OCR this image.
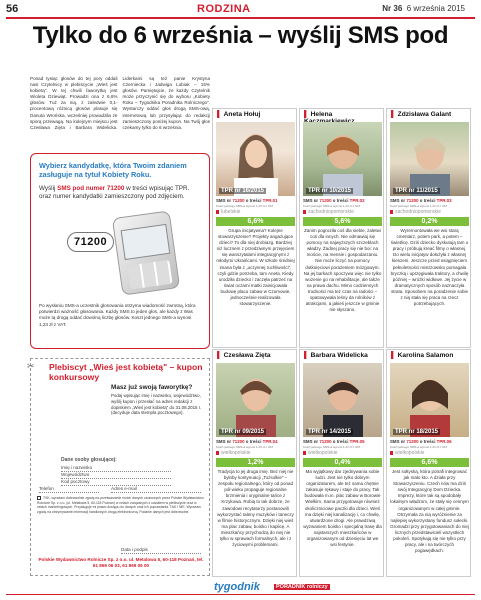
56	RODZINA	Nr 36 6 września 2015
Tylko do 6 września – wyślij SMS pod
Ponad tysiąc głosów do tej pory oddali nasi Czytelnicy w plebiscycie „Wieś jest kobietą". W tej chwili faworytką jest Wioleta Dziewiąt. Prowadzi ona z 6,6% głosów. Tuż za nią, z zaledwie 0,1-procentową różnicą głosów plasuje się Danuta Wrońska, wcześniej prowadziła ze sporą przewagą. Na kolejnym miejscu jest Czesława Zięta i Barbara Widelicka. Liderkami są też panie Krystyna Czerniecka i Jadwiga Lubiak – 15% głosów. Pamiętajcie, że każdy Czytelnik może przyczynić się do wyboru „Kobiety Roku – Tygodnika Poradnika Rolniczego". Wystarczy oddać głos drogą SMS-ową, internetową lub przysyłając do redakcji zamieszczony poniżej kupon. Na Twój głos czekamy tylko do 6 września.
Wybierz kandydatkę, która Twoim zdaniem zasługuje na tytuł Kobiety Roku.
Wyślij SMS pod numer 71200 w treści wpisując TPR. oraz numer kandydatki zamieszczony pod zdjęciem.
71200
Po wysłaniu SMS-a uczestnik głosowania otrzyma wiadomość zwrotną, która potwierdzi ważność głosowania. Każdy SMS to jeden głos, ale każdy z Was może tą drogą oddać dowolną liczbę głosów. Koszt jednego SMS-a wynosi 1,23 zł z VAT.
✂ Plebiscyt „Wieś jest kobietą" – kupon konkursowy
Masz już swoją faworytkę?
Podaj wpisując imię i nazwisko, województwo, wyślij kupon i przesłać na adres redakcji z dopiskiem „Wieś jest kobietą" do 31.08.2015 r. (decyduje data stempla pocztowego).
Dane osoby głosującej:
Imię i nazwisko
Województwo
Kod pocztowy
Telefon	Adres e-mail
TSK, wyrażam dobrowolnie zgodę na przetwarzanie moich danych osobowych przez Polskie Wydawnictwo Rolnicze Sp. z o.o. (ul. Metalowa 5, 60-118 Poznań) w celach związanych z udziałem w plebiscycie oraz w celach marketingowych. Przysługuje mi prawo dostępu do danych oraz ich poprawiania. TAK / NIE. Wyrażam zgodę na otrzymywanie informacji handlowych drogą elektroniczną. Podanie danych jest dobrowolne.
Data i podpis
Polskie Wydawnictwo Rolnicze Sp. z o.o. ul. Metalowa 5, 60-118 Poznań, tel. 61 869 06 03, 61 869 06 00
▌ Aneta Hołuj
TPR nr 16/2015
SMS nr 71200 o treści TPR.01
Koszt jednego SMS-a wynosi 1,23 zł z VAT
lubelskie
6,6%
Grupa inicjatywna? Kolejne stowarzyszenie? Projekty angażujące dzieci? To dla niej drobiazg. Bardziej niż lucznem z przedziwnym przejęciem się wanszytalami integracyjnymi z młodymi Ukraińcami. W szkole średniej imana była z „uczynnej ruchliwości", czyli gdzie potrzeba, tam Aneta. Kiedy urodziła dziecko i zaczęła patrzeć na świat oczami matki zainicjowała budowę placu zabaw w Czumowie, jednocześnie realizowała stowarzyszenie.
▌ Helena
TPR nr 10/2015
SMS nr 71200 o treści TPR.02
Koszt jednego SMS-a wynosi 1,23 zł z VAT
zachodniopomorskie
5,6%
Zanim pogroziła coś dla siebie, zaletwi coś dla innych. Nie odmawiaj się pomocy na najwyższych szczeblach władzy. Żadnej pracy się nie boi: na moście, na mensie i gospodarzaniu. Nie może liczyć na pomocy dotknięciowi porażeniem mózgowym. Na jej barkach spoczywa więc nie tylko wożenie go na rehabilitacje, ale także na prawa dachu. Mimo codziennych trudności ma też czas na radości – opatowywała leśny da rolników z atrakcjami, a jakieś jeszcze w gminie nie słyszano.
▌ Zdzisława Galant
TPR nr 11/2015
SMS nr 71200 o treści TPR.03
Koszt jednego SMS-a wynosi 1,23 zł z VAT
zachodniopomorskie
0,2%
Wyremontowała we wsi starą cmentarz, potem park, a potem – świetlicę. Dziś dziecko dyskutują tam o pracy i próbują kreać filmy o własnej. Do wielu inicjatyw dołożyła z własnej kieszeni. Jeszcze przed osiągnięciem pełnoletności mistrzowsko pomagała bryczką i uprzęgiwała traktory, a chwilę później – wróżki widłowe. Jej życie w dramatycznych sposób naznaczyła strata. Sposobem na poradzenie sobie z nią stała się praca na rzecz potrzebujących.
▌ Czesława Zięta
TPR nr 09/2015
SMS nr 71200 o treści TPR.04
Koszt jednego SMS-a wynosi 1,23 zł z VAT
wielkopolskie
1,2%
Tradycja to jej druga imię. Bez niej nie byłoby kontynuacji „Tożsolkie" – zespołu regionalnego, który od ponad pół wieku propaguje regionalne brzmienia i oryginalne tańce z Krzykowa. Robią to tak dobrze, że zawodowi recytatorzy postanowili wykorzystać taleny muzyków i taneczy w filmie historycznym. Dzięki niej wieś ma plac zabaw, boisko i kaplicę. A mieszkańcy przychodzą do niej nie tylko w sprawach formalnych, ale i z życiowymi problemami.
▌ Barbara Widelicka
TPR nr 14/2015
SMS nr 71200 o treści TPR.05
Koszt jednego SMS-a wynosi 1,23 zł z VAT
wielkopolskie
0,4%
Ma wyjątkowy dar zjednywania sobie ludzi. Jest nie tylko dobrym organizatorem, ale też sama chętnie zakasuje rękawy i staje do pracy. Tak budowała m.in. plac zabaw w Borowie Wielkim. Sama przygotowuje również okoliczniciowe paczki dla dzieci. Wieś ma dzięki niej kanalizację i, co chwilę, utwardzone drogi. Ale prawdziwą wyzwaniem boisko i specjalną trasę dla najstarszych mieszkańców w organizowanym od dziesięciu lat we wsi festynie.
▌ Karolina Salamon
TPR nr 18/2015
SMS nr 71200 o treści TPR.06
Koszt jednego SMS-a wynosi 1,23 zł z VAT
wielkopolskie
6,6%
Jest sołtyską, która potrafi integrować jak mało kto. A działa przy Stowarzyszeniu. Czech nów ma dziś swój Integracyjny Dom Dziecka. Imprezy, które tak są spodobały lokalnym władzom, że stały się cennym organizowanym w całej gminie. Otrzymała za nią wyróżnienie za najlepiej wykorzystany fundusz sołecki. Gromadzi przy przygotowaniach do niej licznych przedstawicieli wszystkich pokoleń. Spotykają się nie tylko przy pracy, ale i na twórczych pogawędkach.
tygodnik	PORADNIK rolniczy
